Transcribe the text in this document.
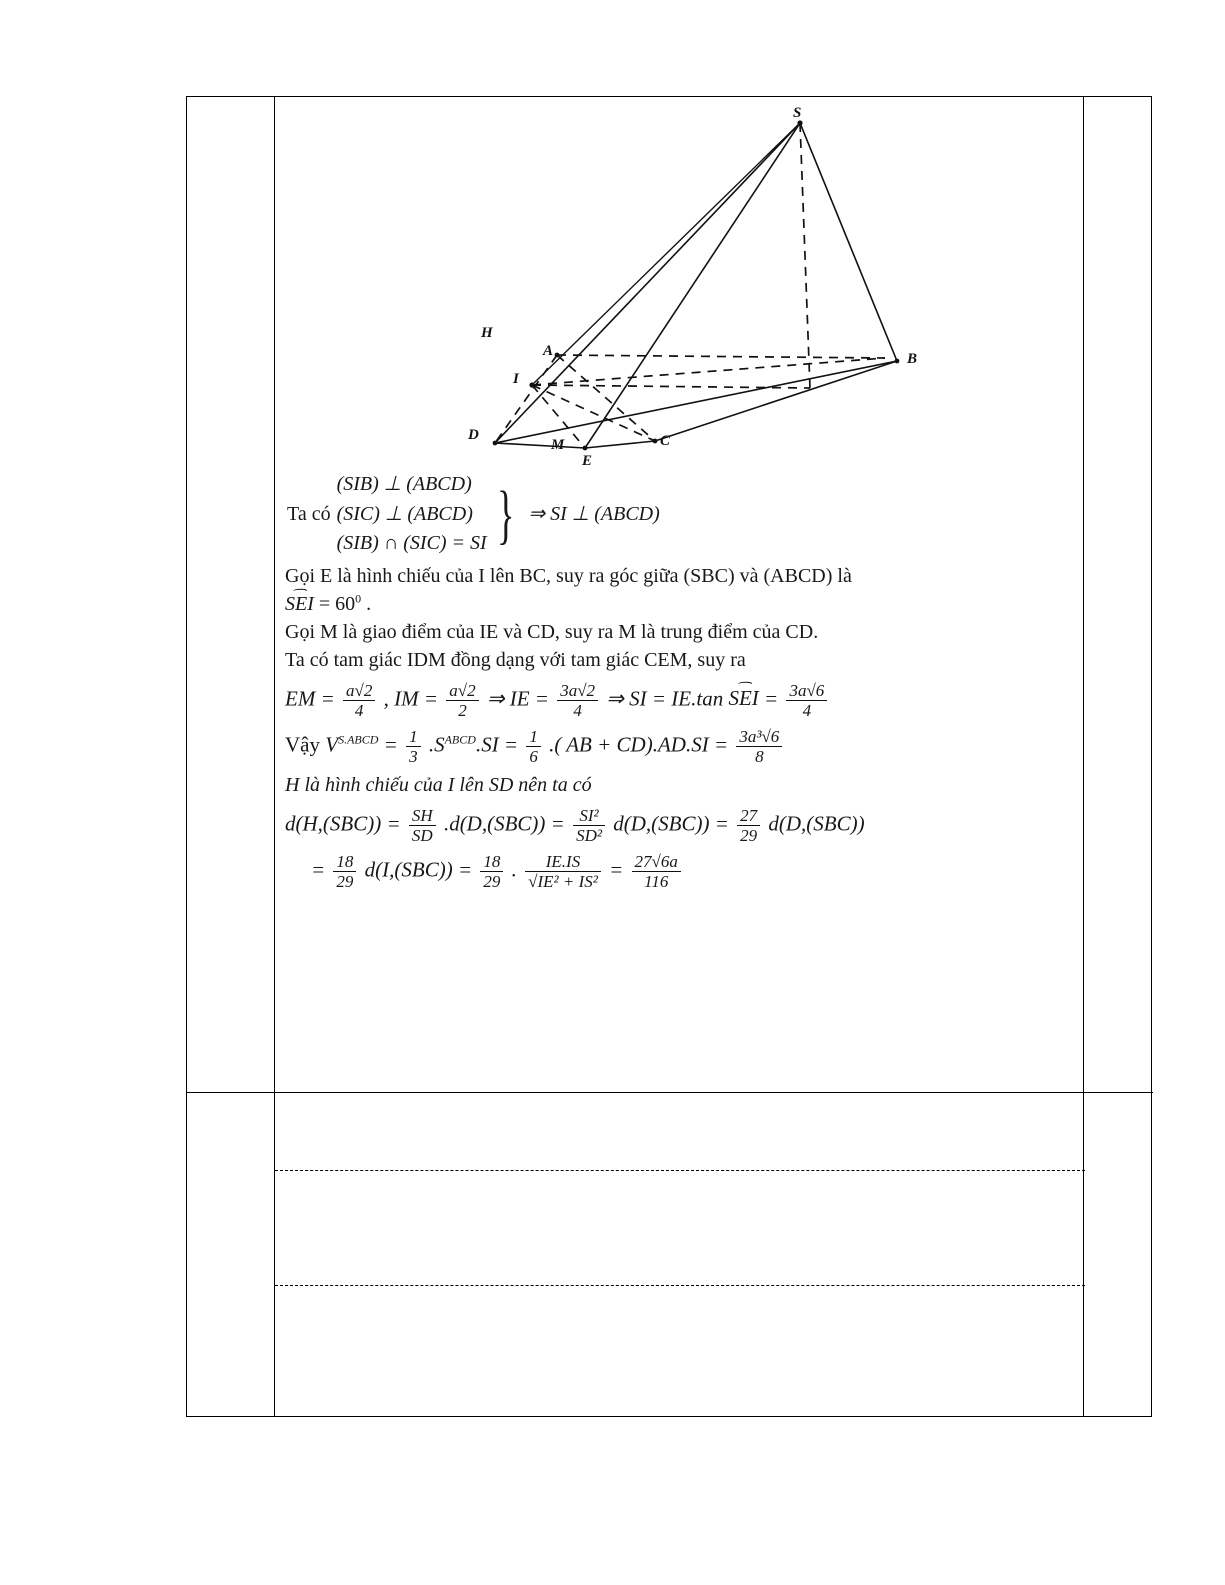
S
H
A	B
I
D
M
E
C
Ta có
(SIB) ⊥ (ABCD)
(SIC) ⊥ (ABCD)
(SIB) ∩ (SIC) = SI } ⇒ SI ⊥ (ABCD)
Gọi E là hình chiếu của I lên BC, suy ra góc giữa (SBC) và (ABCD) là
⌢ SEI = $60^0$ .
Gọi M là giao điểm của IE và CD, suy ra M là trung điểm của CD.
Ta có tam giác IDM đồng dạng với tam giác CEM, suy ra
EM = $\frac{a√2}{4}$ , IM = $\frac{a√2}{2}$ ⇒ IE = $\frac{3a√2}{4}$ ⇒ SI = IE.tan ⌢ SEI = $\frac{3a√6}{4}$
Vậy $V^{S.ABCD} = \frac{1}{3} .S^{ABCD}.SI = \frac{1}{6}$ .( AB + $CD).AD.SI = \frac{\text{3a³√6}}{8}$
H là hình chiếu của I lên SD nên ta có
$d(H,(SBC)) = \frac{SH}{SD} .d(D,(SBC)) = \frac{\text{SI²}}{\text{SD²}} d(D,(SBC)) = \frac{27}{29} d(D,(SBC))$
= $\frac{18}{29} d(I,(SBC)) = \frac{18}{29}$ . $\frac{IE.IS}{\text{√IE² + IS²}} = \frac{27√6a}{116}$
